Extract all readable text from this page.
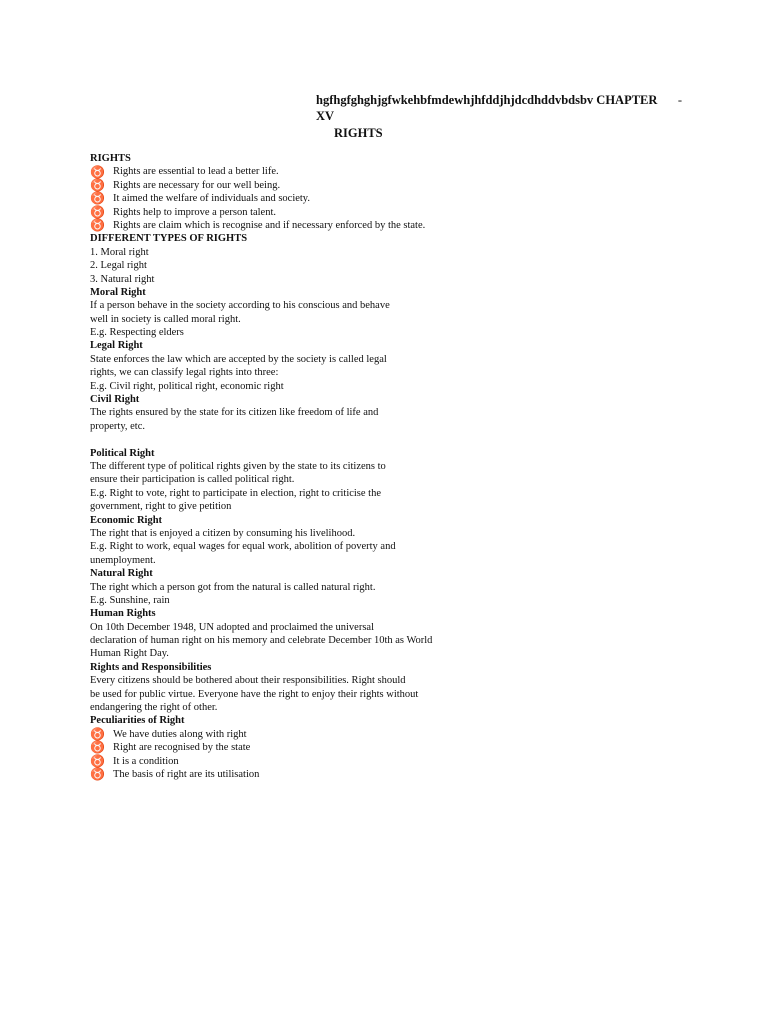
hgfhgfghghjgfwkehbfmdewhjhfddjhjdcdhddvbdsbv CHAPTER -
XV
RIGHTS
RIGHTS
♉ Rights are essential to lead a better life.
♉ Rights are necessary for our well being.
♉ It aimed the welfare of individuals and society.
♉ Rights help to improve a person talent.
♉ Rights are claim which is recognise and if necessary enforced by the state.
DIFFERENT TYPES OF RIGHTS
1. Moral right
2. Legal right
3. Natural right
Moral Right
If a person behave in the society according to his conscious and behave
well in society is called moral right.
E.g. Respecting elders
Legal Right
State enforces the law which are accepted by the society is called legal
rights, we can classify legal rights into three:
E.g. Civil right, political right, economic right
Civil Right
The rights ensured by the state for its citizen like freedom of life and
property, etc.
Political Right
The different type of political rights given by the state to its citizens to
ensure their participation is called political right.
E.g. Right to vote, right to participate in election, right to criticise the
government, right to give petition
Economic Right
The right that is enjoyed a citizen by consuming his livelihood.
E.g. Right to work, equal wages for equal work, abolition of poverty and
unemployment.
Natural Right
The right which a person got from the natural is called natural right.
E.g. Sunshine, rain
Human Rights
On 10th December 1948, UN adopted and proclaimed the universal
declaration of human right on his memory and celebrate December 10th as World
Human Right Day.
Rights and Responsibilities
Every citizens should be bothered about their responsibilities. Right should
be used for public virtue. Everyone have the right to enjoy their rights without
endangering the right of other.
Peculiarities of Right
♉ We have duties along with right
♉ Right are recognised by the state
♉ It is a condition
♉ The basis of right are its utilisation
